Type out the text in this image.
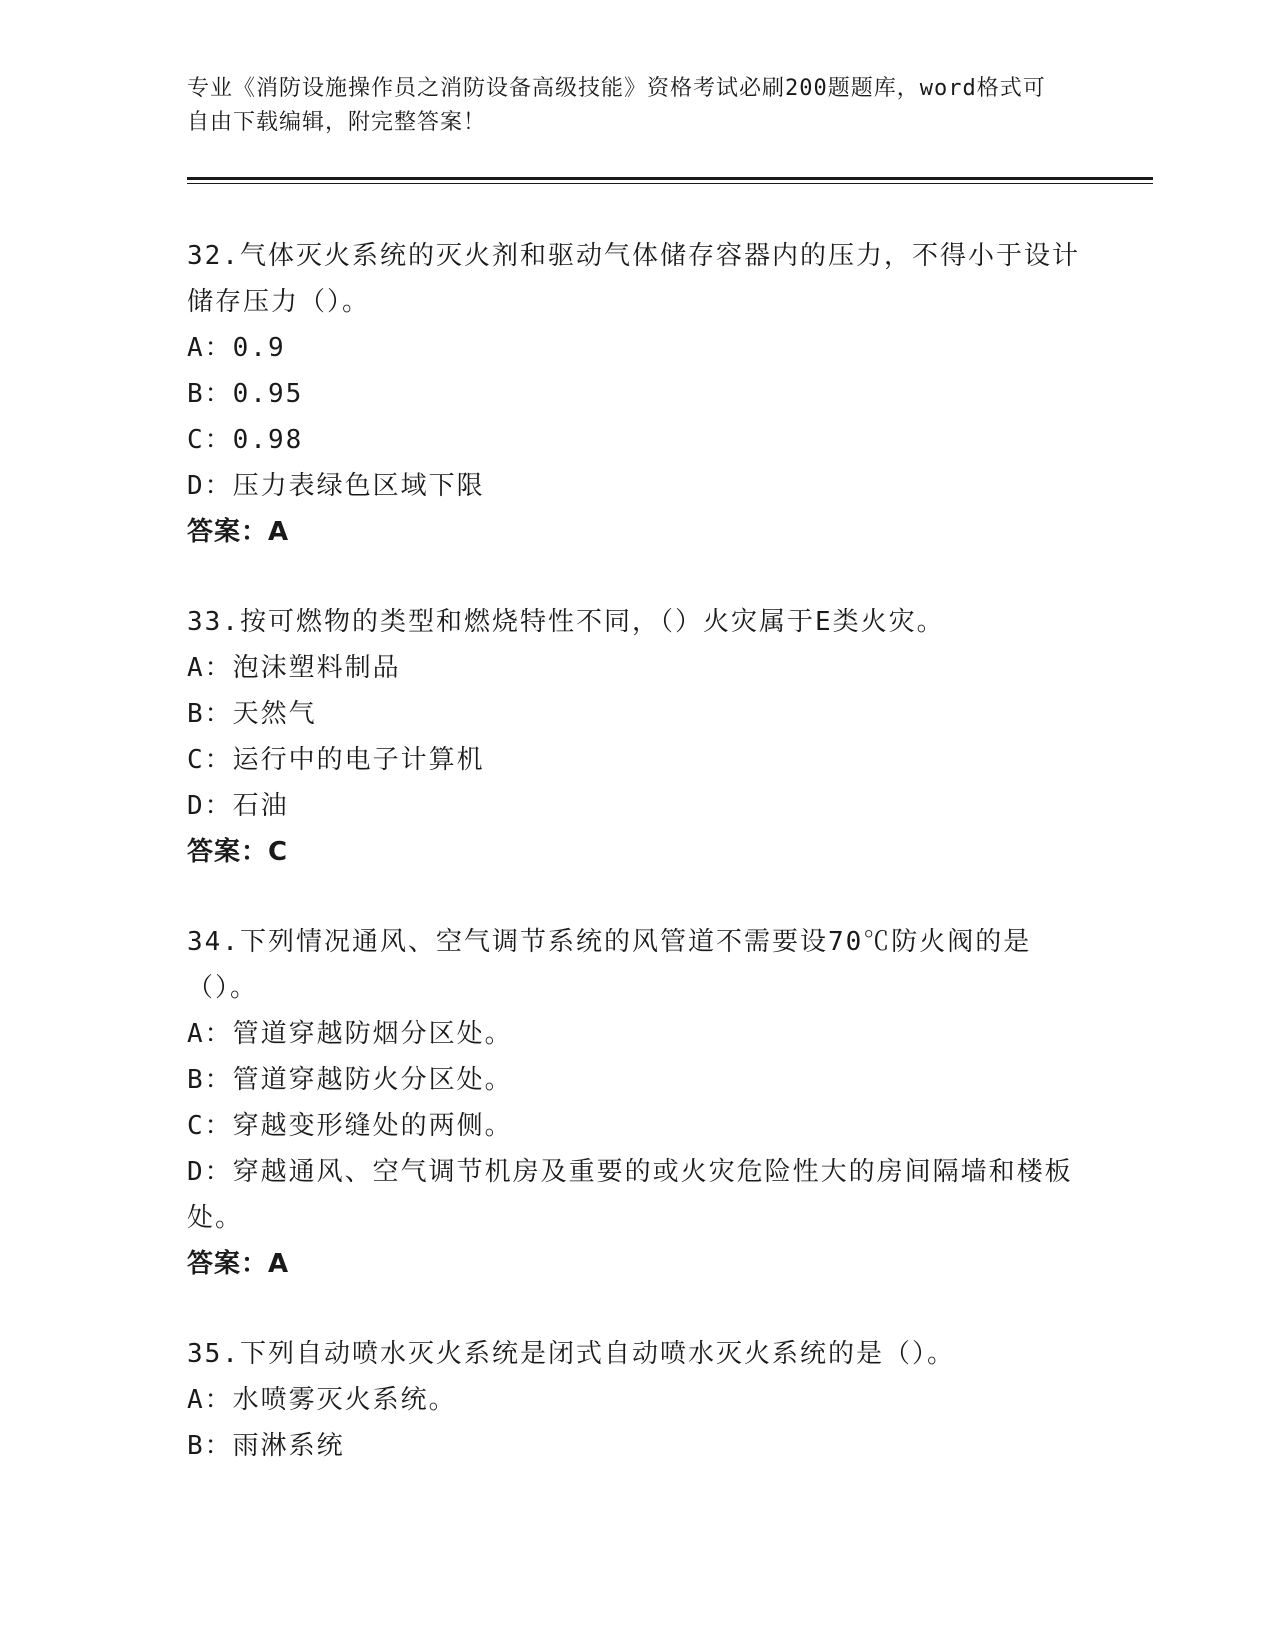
专业《消防设施操作员之消防设备高级技能》资格考试必刷200题题库，word格式可自由下载编辑，附完整答案！
32.气体灭火系统的灭火剂和驱动气体储存容器内的压力，不得小于设计储存压力（）。
A：0.9
B：0.95
C：0.98
D：压力表绿色区域下限
答案：A
33.按可燃物的类型和燃烧特性不同，（）火灾属于E类火灾。
A：泡沫塑料制品
B：天然气
C：运行中的电子计算机
D：石油
答案：C
34.下列情况通风、空气调节系统的风管道不需要设70℃防火阀的是（）。
A：管道穿越防烟分区处。
B：管道穿越防火分区处。
C：穿越变形缝处的两侧。
D：穿越通风、空气调节机房及重要的或火灾危险性大的房间隔墙和楼板处。
答案：A
35.下列自动喷水灭火系统是闭式自动喷水灭火系统的是（）。
A：水喷雾灭火系统。
B：雨淋系统
